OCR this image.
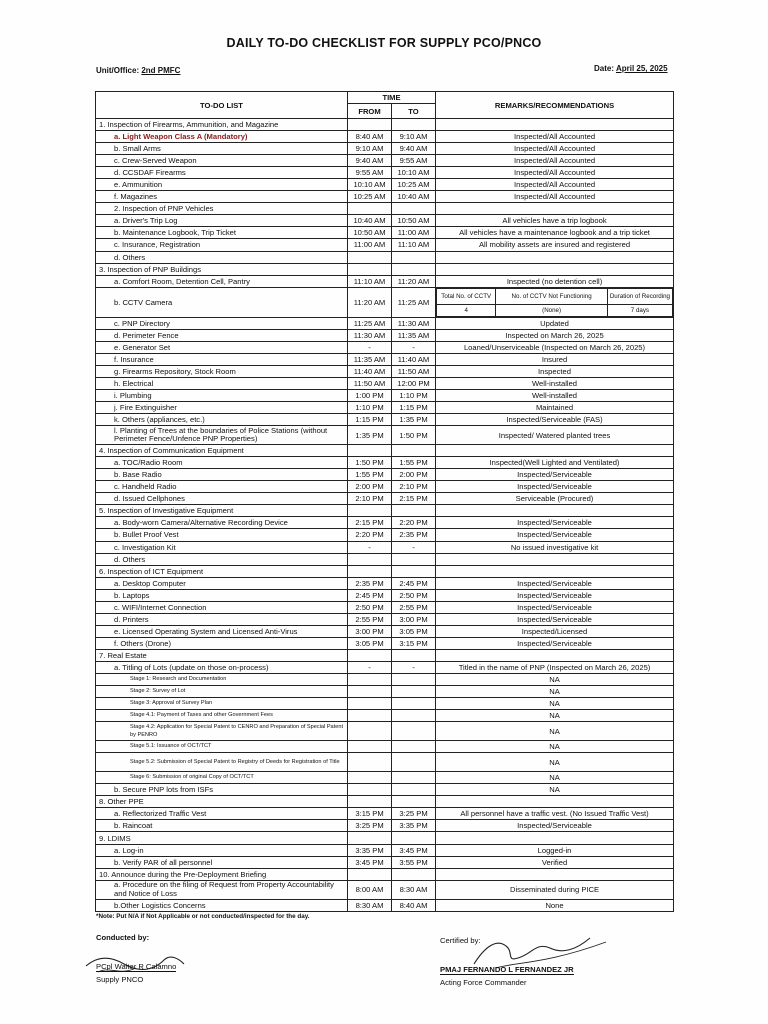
DAILY TO-DO CHECKLIST FOR SUPPLY PCO/PNCO
Unit/Office: 2nd PMFC	Date: April 25, 2025
TO-DO LIST	TIME	REMARKS/RECOMMENDATIONS
FROM	TO
1. Inspection of Firearms, Ammunition, and Magazine			
a. Light Weapon Class A (Mandatory)	8:40 AM	9:10 AM	Inspected/All Accounted
b. Small Arms	9:10 AM	9:40 AM	Inspected/All Accounted
c. Crew-Served Weapon	9:40 AM	9:55 AM	Inspected/All Accounted
d. CCSDAF Firearms	9:55 AM	10:10 AM	Inspected/All Accounted
e. Ammunition	10:10 AM	10:25 AM	Inspected/All Accounted
f. Magazines	10:25 AM	10:40 AM	Inspected/All Accounted
2. Inspection of PNP Vehicles			
a. Driver's Trip Log	10:40 AM	10:50 AM	All vehicles have a trip logbook
b. Maintenance Logbook, Trip Ticket	10:50 AM	11:00 AM	All vehicles have a maintenance logbook and a trip ticket
c. Insurance, Registration	11:00 AM	11:10 AM	All mobility assets are insured and registered
d. Others			
3. Inspection of PNP Buildings			
a. Comfort Room, Detention Cell, Pantry	11:10 AM	11:20 AM	Inspected (no detention cell)
b. CCTV Camera	11:20 AM	11:25 AM	
Total No. of CCTV	No. of CCTV Not Functioning	Duration of Recording
4	(None)	7 days

c. PNP Directory	11:25 AM	11:30 AM	Updated
d. Perimeter Fence	11:30 AM	11:35 AM	Inspected on March 26, 2025
e. Generator Set	-	-	Loaned/Unserviceable (Inspected on March 26, 2025)
f. Insurance	11:35 AM	11:40 AM	Insured
g. Firearms Repository, Stock Room	11:40 AM	11:50 AM	Inspected
h. Electrical	11:50 AM	12:00 PM	Well-installed
i. Plumbing	1:00 PM	1:10 PM	Well-installed
j. Fire Extinguisher	1:10 PM	1:15 PM	Maintained
k. Others (appliances, etc.)	1:15 PM	1:35 PM	Inspected/Serviceable (FAS)
l. Planting of Trees at the boundaries of Police Stations (without Perimeter Fence/Unfence PNP Properties)	1:35 PM	1:50 PM	Inspected/ Watered planted trees
4. Inspection of Communication Equipment			
a. TOC/Radio Room	1:50 PM	1:55 PM	Inspected(Well Lighted and Ventilated)
b. Base Radio	1:55 PM	2:00 PM	Inspected/Serviceable
c. Handheld Radio	2:00 PM	2:10 PM	Inspected/Serviceable
d. Issued Cellphones	2:10 PM	2:15 PM	Serviceable (Procured)
5. Inspection of Investigative Equipment			
a. Body-worn Camera/Alternative Recording Device	2:15 PM	2:20 PM	Inspected/Serviceable
b. Bullet Proof Vest	2:20 PM	2:35 PM	Inspected/Serviceable
c. Investigation Kit	-	-	No issued investigative kit
d. Others			
6. Inspection of ICT Equipment			
a. Desktop Computer	2:35 PM	2:45 PM	Inspected/Serviceable
b. Laptops	2:45 PM	2:50 PM	Inspected/Serviceable
c. WIFI/Internet Connection	2:50 PM	2:55 PM	Inspected/Serviceable
d. Printers	2:55 PM	3:00 PM	Inspected/Serviceable
e. Licensed Operating System and Licensed Anti-Virus	3:00 PM	3:05 PM	Inspected/Licensed
f. Others (Drone)	3:05 PM	3:15 PM	Inspected/Serviceable
7. Real Estate			
a. Titling of Lots (update on those on-process)	-	-	Titled in the name of PNP (Inspected on March 26, 2025)
Stage 1: Research and Documentation			NA
Stage 2: Survey of Lot			NA
Stage 3: Approval of Survey Plan			NA
Stage 4.1: Payment of Taxes and other Government Fees			NA
Stage 4.2: Application for Special Patent to CENRO and Preparation of Special Patent by PENRO			NA
Stage 5.1: Issuance of OCT/TCT			NA
Stage 5.2: Submission of Special Patent to Registry of Deeds for Registration of Title			NA
Stage 6: Submission of original Copy of OCT/TCT			NA
b. Secure PNP lots from ISFs			NA
8. Other PPE			
a. Reflectorized Traffic Vest	3:15 PM	3:25 PM	All personnel have a traffic vest. (No Issued Traffic Vest)
b. Raincoat	3:25 PM	3:35 PM	Inspected/Serviceable
9. LDIMS			
a. Log-in	3:35 PM	3:45 PM	Logged-in
b. Verify PAR of all personnel	3:45 PM	3:55 PM	Verified
10. Announce during the Pre-Deployment Briefing			
a. Procedure on the filing of Request from Property Accountability and Notice of Loss	8:00 AM	8:30 AM	Disseminated during PICE
b.Other Logistics Concerns	8:30 AM	8:40 AM	None
*Note: Put N/A if Not Applicable or not conducted/inspected for the day.
Conducted by:
PCpl Walter R Calamno
Supply PNCO
Certified by:
PMAJ FERNANDO L FERNANDEZ JR
Acting Force Commander
